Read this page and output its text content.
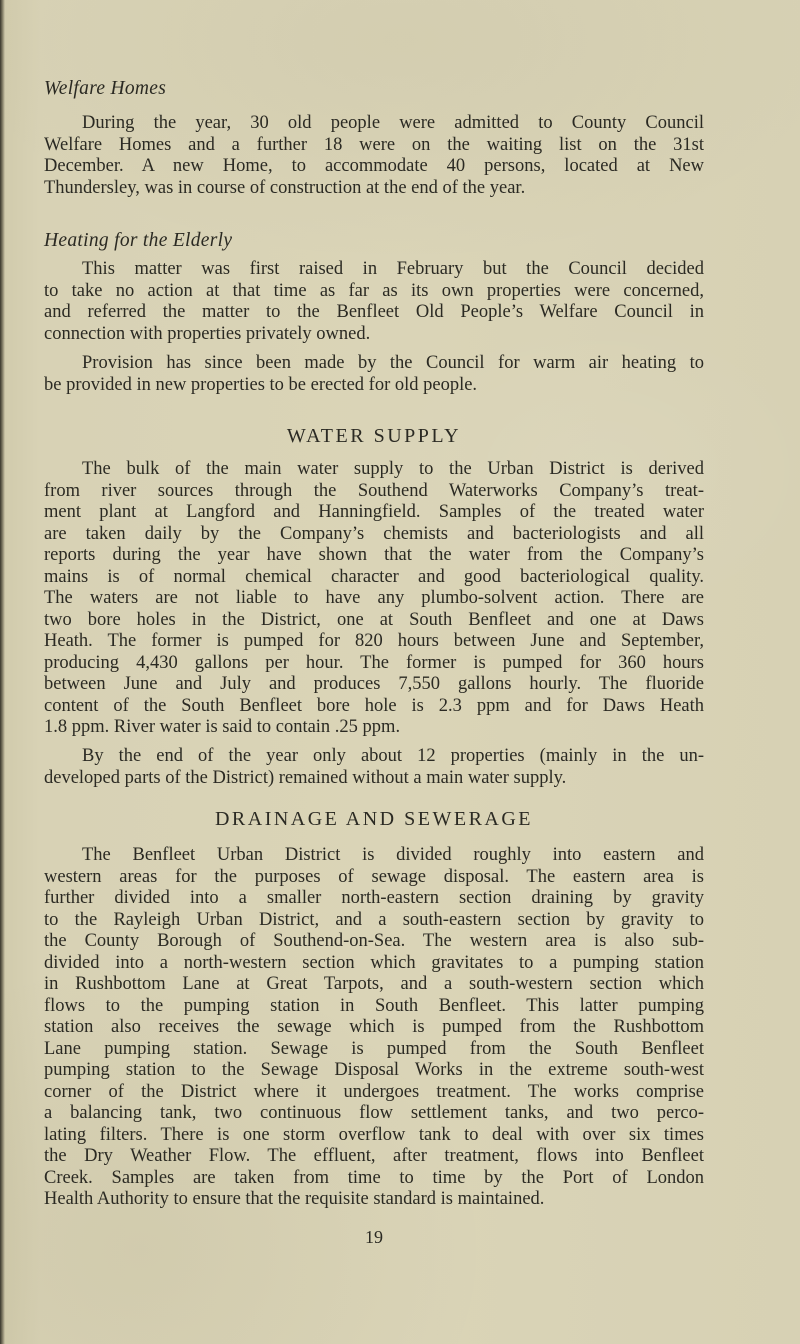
Welfare Homes
During the year, 30 old people were admitted to County Council
Welfare Homes and a further 18 were on the waiting list on the 31st
December. A new Home, to accommodate 40 persons, located at New
Thundersley, was in course of construction at the end of the year.
Heating for the Elderly
This matter was first raised in February but the Council decided
to take no action at that time as far as its own properties were concerned,
and referred the matter to the Benfleet Old People’s Welfare Council in
connection with properties privately owned.
Provision has since been made by the Council for warm air heating to
be provided in new properties to be erected for old people.
WATER SUPPLY
The bulk of the main water supply to the Urban District is derived
from river sources through the Southend Waterworks Company’s treat-
ment plant at Langford and Hanningfield. Samples of the treated water
are taken daily by the Company’s chemists and bacteriologists and all
reports during the year have shown that the water from the Company’s
mains is of normal chemical character and good bacteriological quality.
The waters are not liable to have any plumbo-solvent action. There are
two bore holes in the District, one at South Benfleet and one at Daws
Heath. The former is pumped for 820 hours between June and September,
producing 4,430 gallons per hour. The former is pumped for 360 hours
between June and July and produces 7,550 gallons hourly. The fluoride
content of the South Benfleet bore hole is 2.3 ppm and for Daws Heath
1.8 ppm. River water is said to contain .25 ppm.
By the end of the year only about 12 properties (mainly in the un-
developed parts of the District) remained without a main water supply.
DRAINAGE AND SEWERAGE
The Benfleet Urban District is divided roughly into eastern and
western areas for the purposes of sewage disposal. The eastern area is
further divided into a smaller north-eastern section draining by gravity
to the Rayleigh Urban District, and a south-eastern section by gravity to
the County Borough of Southend-on-Sea. The western area is also sub-
divided into a north-western section which gravitates to a pumping station
in Rushbottom Lane at Great Tarpots, and a south-western section which
flows to the pumping station in South Benfleet. This latter pumping
station also receives the sewage which is pumped from the Rushbottom
Lane pumping station. Sewage is pumped from the South Benfleet
pumping station to the Sewage Disposal Works in the extreme south-west
corner of the District where it undergoes treatment. The works comprise
a balancing tank, two continuous flow settlement tanks, and two perco-
lating filters. There is one storm overflow tank to deal with over six times
the Dry Weather Flow. The effluent, after treatment, flows into Benfleet
Creek. Samples are taken from time to time by the Port of London
Health Authority to ensure that the requisite standard is maintained.
19
